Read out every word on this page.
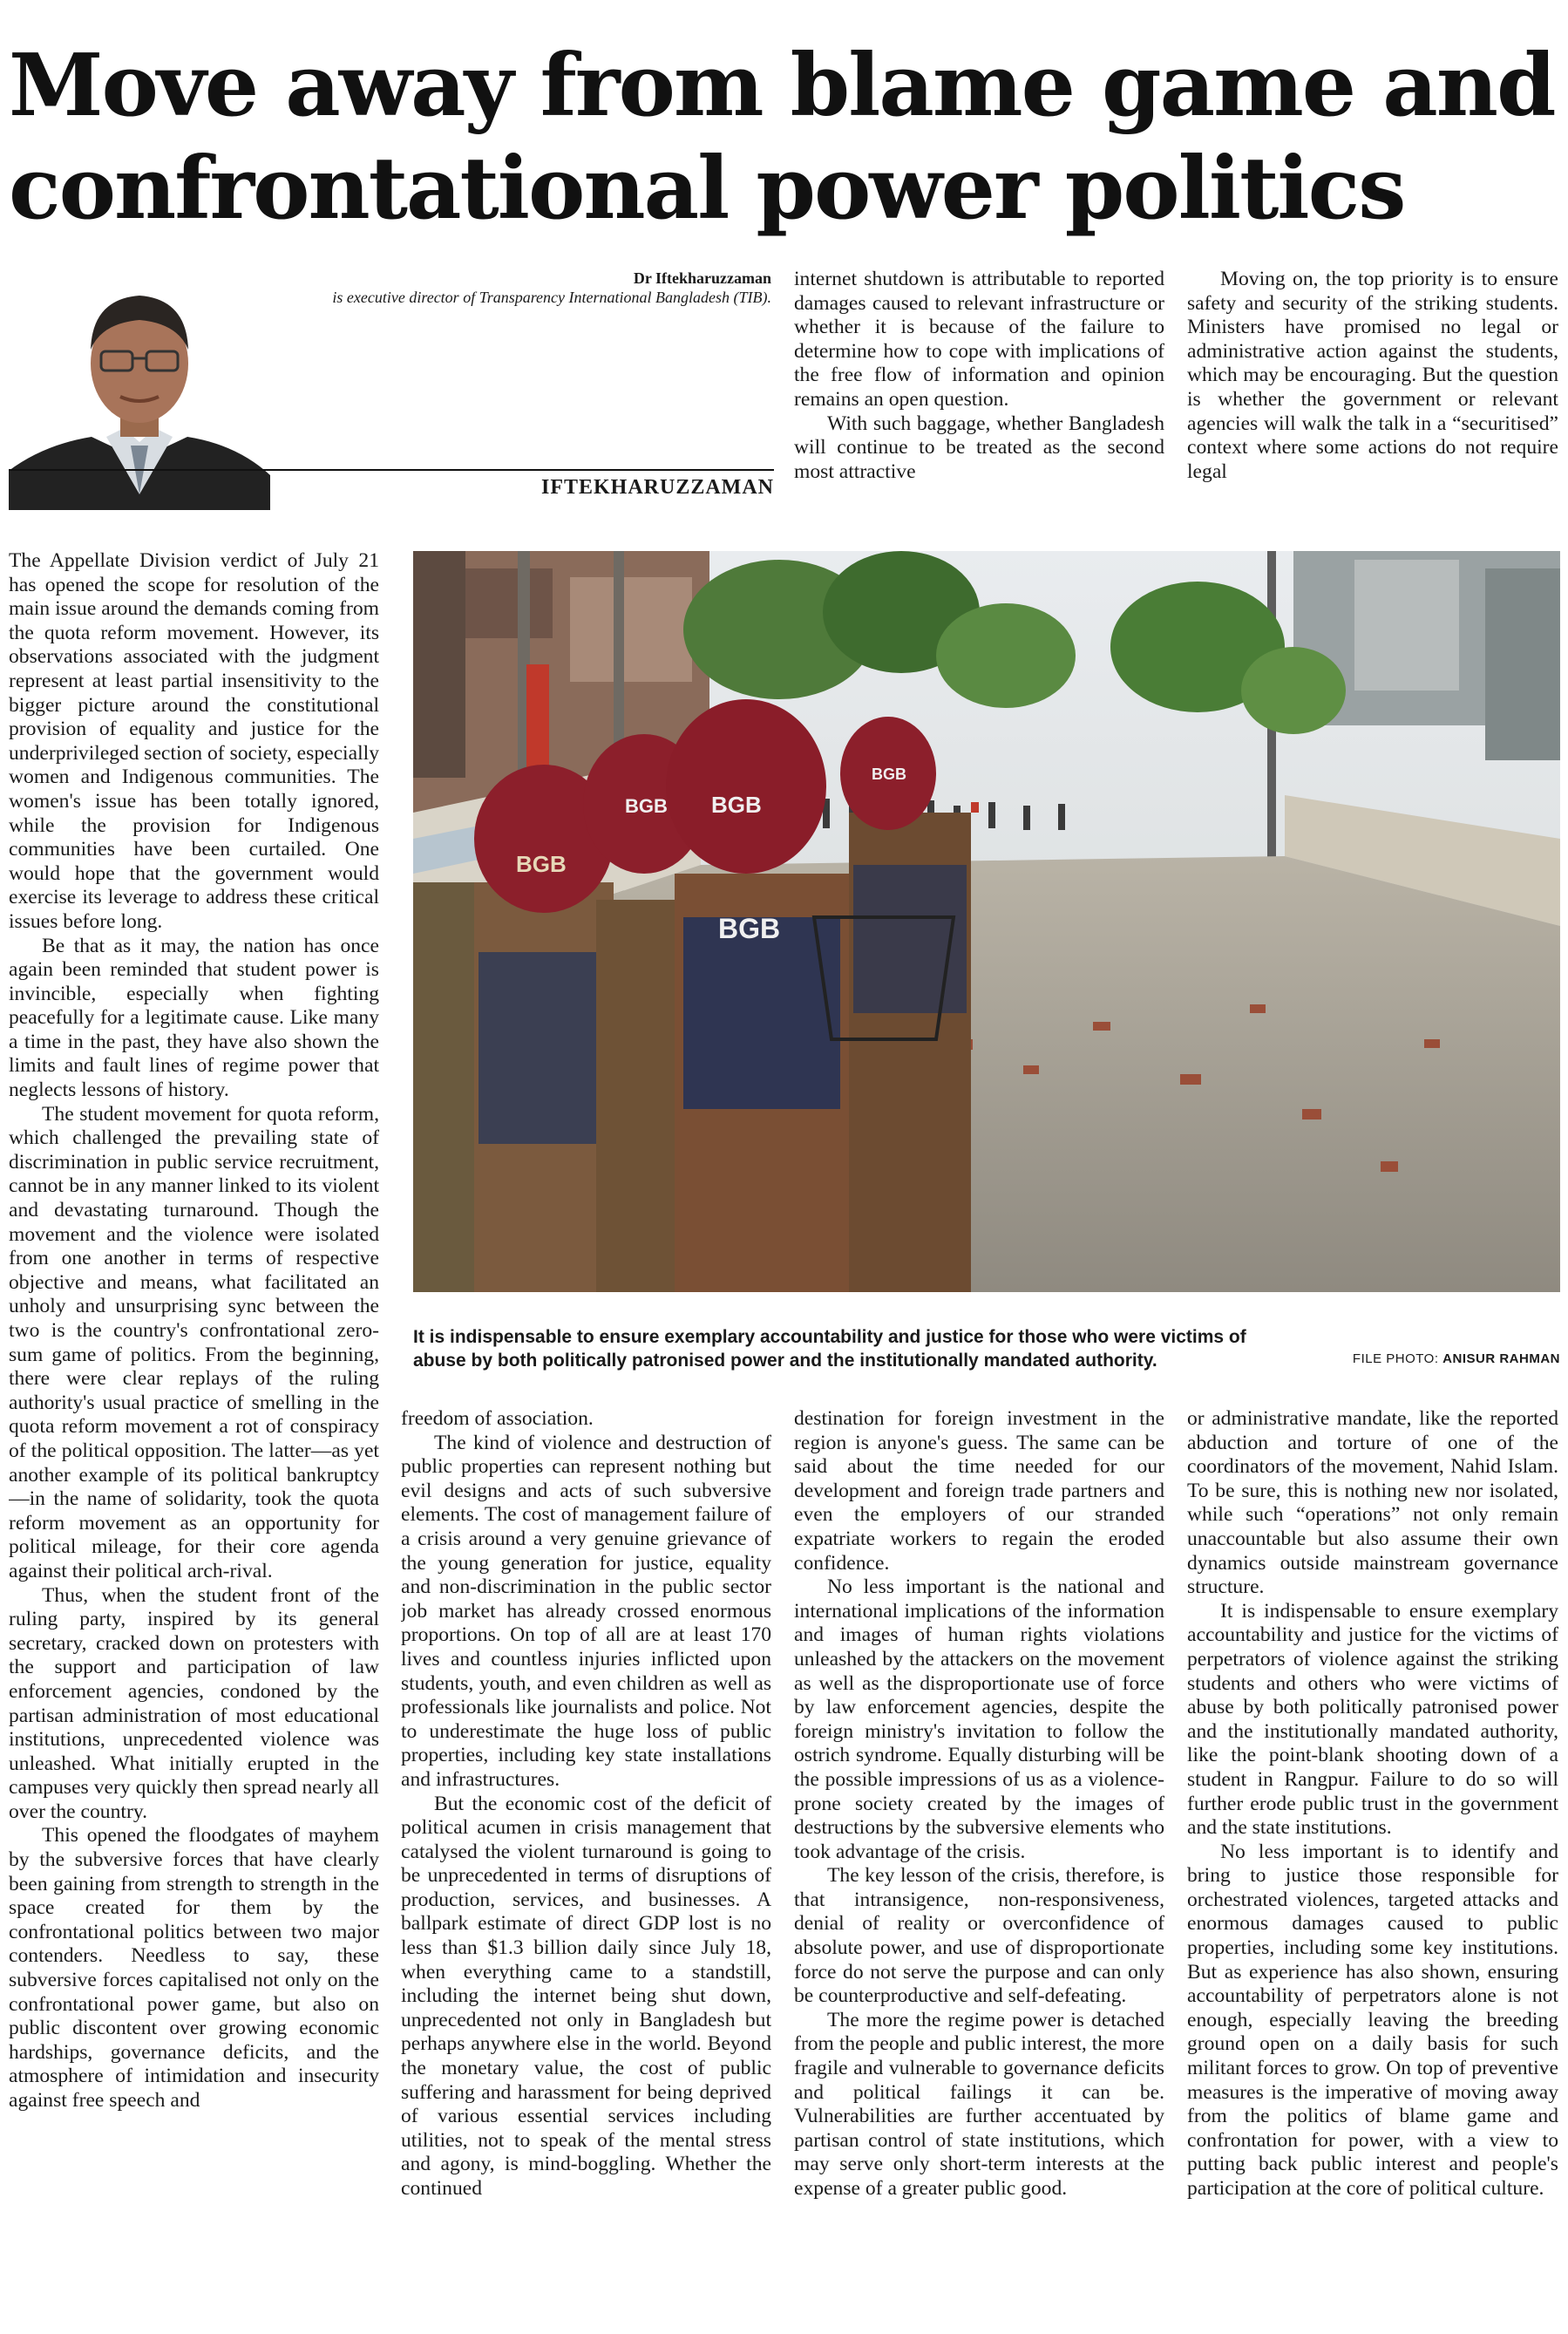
Move away from blame game and confrontational power politics
Dr Iftekharuzzaman
is executive director of Transparency International Bangladesh (TIB).
IFTEKHARUZZAMAN

internet shutdown is attributable to reported damages caused to relevant infrastructure or whether it is because of the failure to determine how to cope with implications of the free flow of information and opinion remains an open question.

With such baggage, whether Bangladesh will continue to be treated as the second most attractive

Moving on, the top priority is to ensure safety and security of the striking students. Ministers have promised no legal or administrative action against the students, which may be encouraging. But the question is whether the government or relevant agencies will walk the talk in a “securitised” context where some actions do not require legal

The Appellate Division verdict of July 21 has opened the scope for resolution of the main issue around the demands coming from the quota reform movement. However, its observations associated with the judgment represent at least partial insensitivity to the bigger picture around the constitutional provision of equality and justice for the underprivileged section of society, especially women and Indigenous communities. The women's issue has been totally ignored, while the provision for Indigenous communities have been curtailed. One would hope that the government would exercise its leverage to address these critical issues before long.

Be that as it may, the nation has once again been reminded that student power is invincible, especially when fighting peacefully for a legitimate cause. Like many a time in the past, they have also shown the limits and fault lines of regime power that neglects lessons of history.

The student movement for quota reform, which challenged the prevailing state of discrimination in public service recruitment, cannot be in any manner linked to its violent and devastating turnaround. Though the movement and the violence were isolated from one another in terms of respective objective and means, what facilitated an unholy and unsurprising sync between the two is the country's confrontational zero-sum game of politics. From the beginning, there were clear replays of the ruling authority's usual practice of smelling in the quota reform movement a rot of conspiracy of the political opposition. The latter—as yet another example of its political bankruptcy—in the name of solidarity, took the quota reform movement as an opportunity for political mileage, for their core agenda against their political arch-rival.

Thus, when the student front of the ruling party, inspired by its general secretary, cracked down on protesters with the support and participation of law enforcement agencies, condoned by the partisan administration of most educational institutions, unprecedented violence was unleashed. What initially erupted in the campuses very quickly then spread nearly all over the country.

This opened the floodgates of mayhem by the subversive forces that have clearly been gaining from strength to strength in the space created for them by the confrontational politics between two major contenders. Needless to say, these subversive forces capitalised not only on the confrontational power game, but also on public discontent over growing economic hardships, governance deficits, and the atmosphere of intimidation and insecurity against free speech and

BGB
BGB BGB
BGB
BGB
It is indispensable to ensure exemplary accountability and justice for those who were victims of abuse by both politically patronised power and the institutionally mandated authority.	FILE PHOTO: ANISUR RAHMAN

freedom of association.

The kind of violence and destruction of public properties can represent nothing but evil designs and acts of such subversive elements. The cost of management failure of a crisis around a very genuine grievance of the young generation for justice, equality and non-discrimination in the public sector job market has already crossed enormous proportions. On top of all are at least 170 lives and countless injuries inflicted upon students, youth, and even children as well as professionals like journalists and police. Not to underestimate the huge loss of public properties, including key state installations and infrastructures.

But the economic cost of the deficit of political acumen in crisis management that catalysed the violent turnaround is going to be unprecedented in terms of disruptions of production, services, and businesses. A ballpark estimate of direct GDP lost is no less than $1.3 billion daily since July 18, when everything came to a standstill, including the internet being shut down, unprecedented not only in Bangladesh but perhaps anywhere else in the world. Beyond the monetary value, the cost of public suffering and harassment for being deprived of various essential services including utilities, not to speak of the mental stress and agony, is mind-boggling. Whether the continued

destination for foreign investment in the region is anyone's guess. The same can be said about the time needed for our development and foreign trade partners and even the employers of our stranded expatriate workers to regain the eroded confidence.

No less important is the national and international implications of the information and images of human rights violations unleashed by the attackers on the movement as well as the disproportionate use of force by law enforcement agencies, despite the foreign ministry's invitation to follow the ostrich syndrome. Equally disturbing will be the possible impressions of us as a violence-prone society created by the images of destructions by the subversive elements who took advantage of the crisis.

The key lesson of the crisis, therefore, is that intransigence, non-responsiveness, denial of reality or overconfidence of absolute power, and use of disproportionate force do not serve the purpose and can only be counterproductive and self-defeating.

The more the regime power is detached from the people and public interest, the more fragile and vulnerable to governance deficits and political failings it can be. Vulnerabilities are further accentuated by partisan control of state institutions, which may serve only short-term interests at the expense of a greater public good.

or administrative mandate, like the reported abduction and torture of one of the coordinators of the movement, Nahid Islam. To be sure, this is nothing new nor isolated, while such “operations” not only remain unaccountable but also assume their own dynamics outside mainstream governance structure.

It is indispensable to ensure exemplary accountability and justice for the victims of perpetrators of violence against the striking students and others who were victims of abuse by both politically patronised power and the institutionally mandated authority, like the point-blank shooting down of a student in Rangpur. Failure to do so will further erode public trust in the government and the state institutions.

No less important is to identify and bring to justice those responsible for orchestrated violences, targeted attacks and enormous damages caused to public properties, including some key institutions. But as experience has also shown, ensuring accountability of perpetrators alone is not enough, especially leaving the breeding ground open on a daily basis for such militant forces to grow. On top of preventive measures is the imperative of moving away from the politics of blame game and confrontation for power, with a view to putting back public interest and people's participation at the core of political culture.
